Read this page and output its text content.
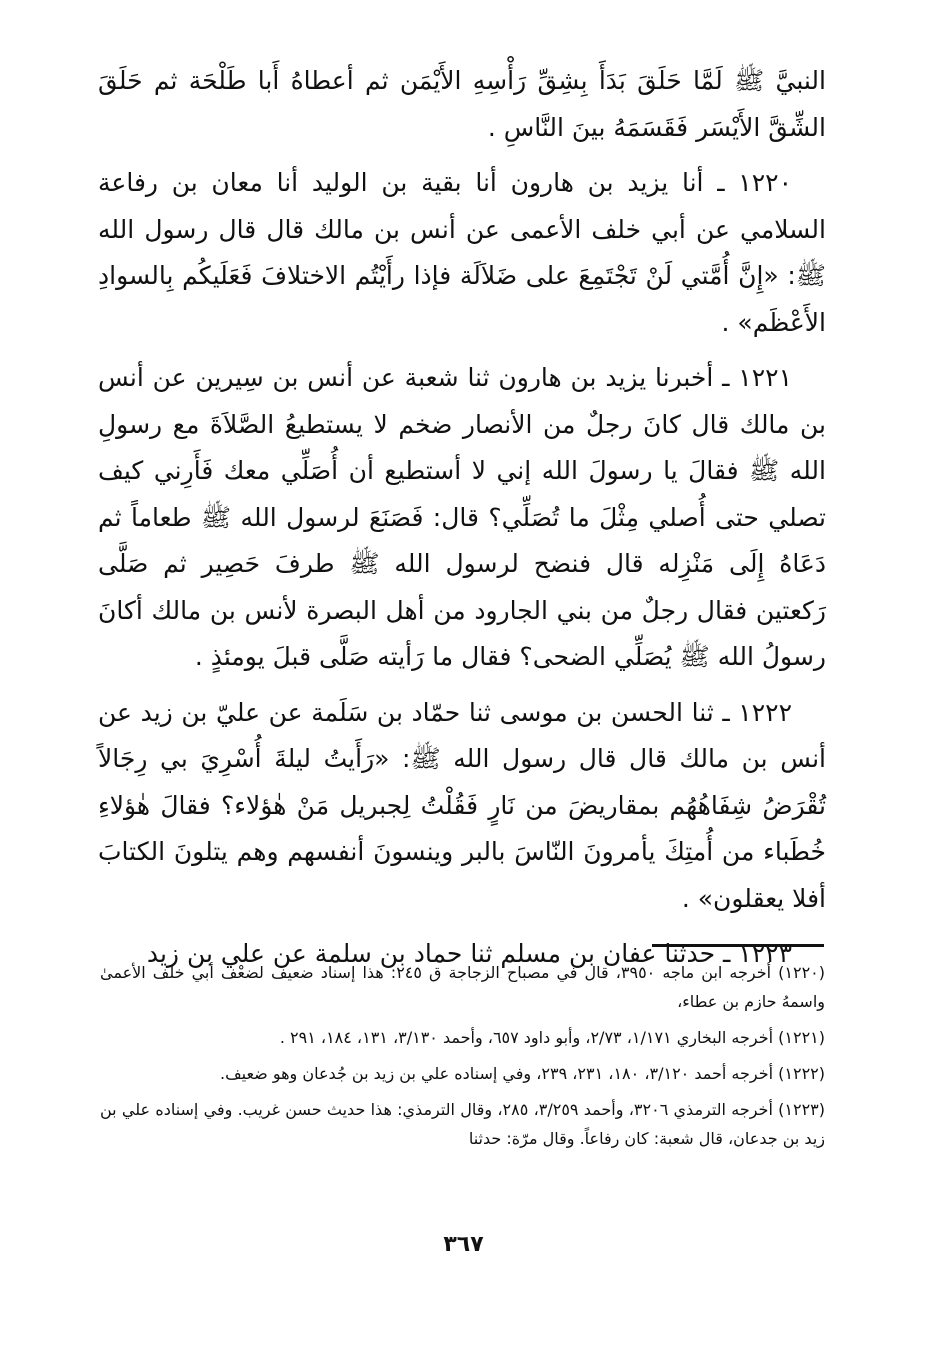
النبيَّ ﷺ لَمَّا حَلَقَ بَدَأَ بِشِقِّ رَأْسِهِ الأَيْمَن ثم أعطاهُ أَبا طَلْحَة ثم حَلَقَ الشِّقَّ الأَيْسَر فَقَسَمَهُ بينَ النَّاسِ .

١٢٢٠ ـ أنا يزيد بن هارون أنا بقية بن الوليد أنا معان بن رفاعة السلامي عن أبي خلف الأعمى عن أنس بن مالك قال قال رسول الله ﷺ: «إِنَّ أُمَّتي لَنْ تَجْتَمِعَ على ضَلاَلَة فإذا رأَيْتُم الاختلافَ فَعَلَيكُم بِالسوادِ الأَعْظَم» .

١٢٢١ ـ أخبرنا يزيد بن هارون ثنا شعبة عن أنس بن سِيرين عن أنس بن مالك قال كانَ رجلٌ من الأنصار ضخم لا يستطيعُ الصَّلاَةَ مع رسولِ الله ﷺ فقالَ يا رسولَ الله إني لا أستطيع أن أُصَلِّي معك فَأَرِني كيف تصلي حتى أُصلي مِثْلَ ما تُصَلِّي؟ قال: فَصَنَعَ لرسول الله ﷺ طعاماً ثم دَعَاهُ إِلَى مَنْزِله قال فنضح لرسول الله ﷺ طرفَ حَصِير ثم صَلَّى رَكعتين فقال رجلٌ من بني الجارود من أهل البصرة لأنس بن مالك أكانَ رسولُ الله ﷺ يُصَلِّي الضحى؟ فقال ما رَأيته صَلَّى قبلَ يومئذٍ .

١٢٢٢ ـ ثنا الحسن بن موسى ثنا حمّاد بن سَلَمة عن عليّ بن زيد عن أنس بن مالك قال قال رسول الله ﷺ: «رَأَيتُ ليلةَ أُسْرِيَ بي رِجَالاً تُقْرَضُ شِفَاهُهُم بمقاريضَ من نَارٍ فَقُلْتُ لِجبريل مَنْ هٰؤلاء؟ فقالَ هٰؤلاءِ خُطَباء من أُمتِكَ يأمرونَ النّاسَ بالبر وينسونَ أنفسهم وهم يتلونَ الكتابَ أفلا يعقلون» .

١٢٢٣ ـ حدثنا عفان بن مسلم ثنا حماد بن سلمة عن علي بن زيد

(١٢٢٠) أخرجه ابن ماجه ٣٩٥٠، قال في مصباح الزجاجة ق ٢٤٥: هذا إسناد ضعيف لضعْف أبي خلف الأعمىٰ واسمهُ حازم بن عطاء،

(١٢٢١) أخرجه البخاري ١/١٧١، ٢/٧٣، وأبو داود ٦٥٧، وأحمد ٣/١٣٠، ١٣١، ١٨٤، ٢٩١ .

(١٢٢٢) أخرجه أحمد ٣/١٢٠، ١٨٠، ٢٣١، ٢٣٩، وفي إسناده علي بن زيد بن جُدعان وهو ضعيف.

(١٢٢٣) أخرجه الترمذي ٣٢٠٦، وأحمد ٣/٢٥٩، ٢٨٥، وقال الترمذي: هذا حديث حسن غريب. وفي إسناده علي بن زيد بن جدعان، قال شعبة: كان رفاعاً. وقال مرّة: حدثنا

٣٦٧
